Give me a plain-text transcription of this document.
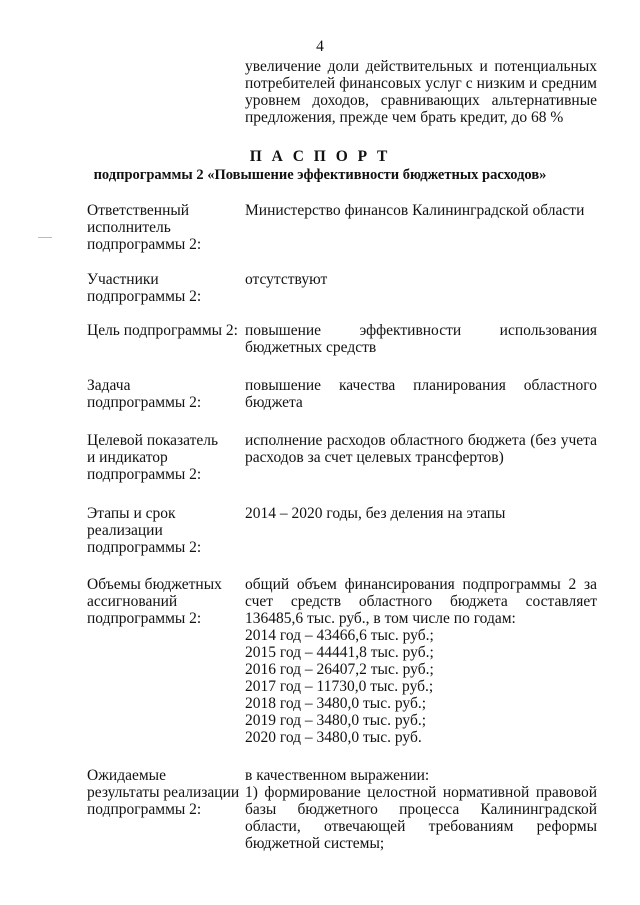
4

увеличение доли действительных и потенциальных потребителей финансовых услуг с низким и средним уровнем доходов, сравнивающих альтернативные предложения, прежде чем брать кредит, до 68 %

П А С П О Р Т
подпрограммы 2 «Повышение эффективности бюджетных расходов»
Ответственный
исполнитель
подпрограммы 2:
Министерство финансов Калининградской области
Участники
подпрограммы 2:
отсутствуют
Цель подпрограммы 2: повышение эффективности использования бюджетных средств
Задача
подпрограммы 2:
повышение качества планирования областного бюджета
Целевой показатель
и индикатор
подпрограммы 2:
исполнение расходов областного бюджета (без учета расходов за счет целевых трансфертов)
Этапы и срок
реализации
подпрограммы 2:
2014 – 2020 годы, без деления на этапы
Объемы бюджетных
ассигнований
подпрограммы 2:
общий объем финансирования подпрограммы 2 за счет средств областного бюджета составляет 136485,6 тыс. руб., в том числе по годам:
2014 год – 43466,6 тыс. руб.;
2015 год – 44441,8 тыс. руб.;
2016 год – 26407,2 тыс. руб.;
2017 год – 11730,0 тыс. руб.;
2018 год – 3480,0 тыс. руб.;
2019 год – 3480,0 тыс. руб.;
2020 год – 3480,0 тыс. руб.
Ожидаемые
результаты реализации
подпрограммы 2:
в качественном выражении:
1) формирование целостной нормативной правовой базы бюджетного процесса Калининградской области, отвечающей требованиям реформы бюджетной системы;
